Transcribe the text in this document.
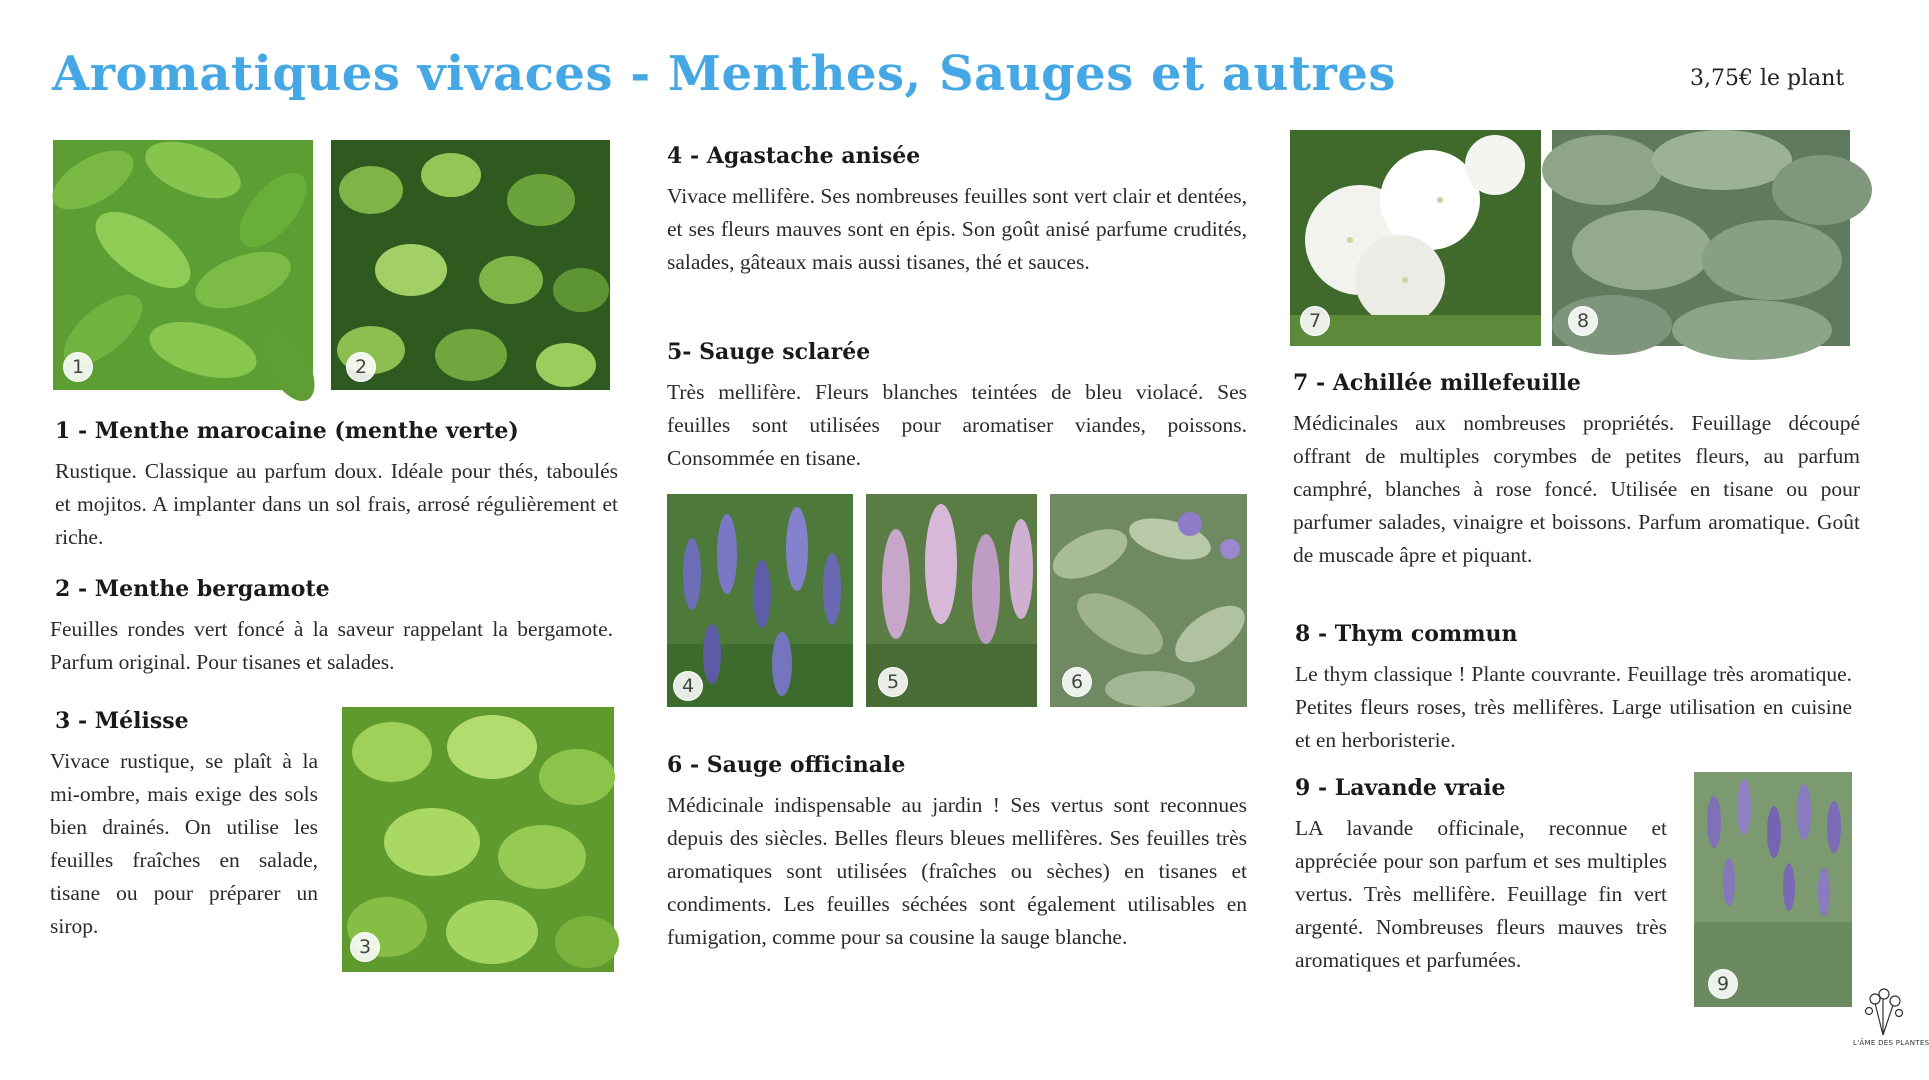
Aromatiques vivaces - Menthes, Sauges et autres	3,75€ le plant
1	2
1 - Menthe marocaine (menthe verte)
Rustique. Classique au parfum doux. Idéale pour thés, taboulés et mojitos. A implanter dans un sol frais, arrosé régulièrement et riche.
2 - Menthe bergamote
Feuilles rondes vert foncé à la saveur rappelant la bergamote. Parfum original. Pour tisanes et salades.
3 - Mélisse
Vivace rustique, se plaît à la mi-ombre, mais exige des sols bien drainés. On utilise les feuilles fraîches en salade, tisane ou pour préparer un sirop.
3
4 - Agastache anisée
Vivace mellifère. Ses nombreuses feuilles sont vert clair et dentées, et ses fleurs mauves sont en épis. Son goût anisé parfume crudités, salades, gâteaux mais aussi tisanes, thé et sauces.
5- Sauge sclarée
Très mellifère. Fleurs blanches teintées de bleu violacé. Ses feuilles sont utilisées pour aromatiser viandes, poissons. Consommée en tisane.
4	5	6
6 - Sauge officinale
Médicinale indispensable au jardin ! Ses vertus sont reconnues depuis des siècles. Belles fleurs bleues mellifères. Ses feuilles très aromatiques sont utilisées (fraîches ou sèches) en tisanes et condiments. Les feuilles séchées sont également utilisables en fumigation, comme pour sa cousine la sauge blanche.
7	8
7 - Achillée millefeuille
Médicinales aux nombreuses propriétés. Feuillage découpé offrant de multiples corymbes de petites fleurs, au parfum camphré, blanches à rose foncé. Utilisée en tisane ou pour parfumer salades, vinaigre et boissons. Parfum aromatique. Goût de muscade âpre et piquant.
8 - Thym commun
Le thym classique ! Plante couvrante. Feuillage très aromatique. Petites fleurs roses, très mellifères. Large utilisation en cuisine et en herboristerie.
9 - Lavande vraie
LA lavande officinale, reconnue et appréciée pour son parfum et ses multiples vertus. Très mellifère. Feuillage fin vert argenté. Nombreuses fleurs mauves très aromatiques et parfumées.
9
L'ÂME DES PLANTES
